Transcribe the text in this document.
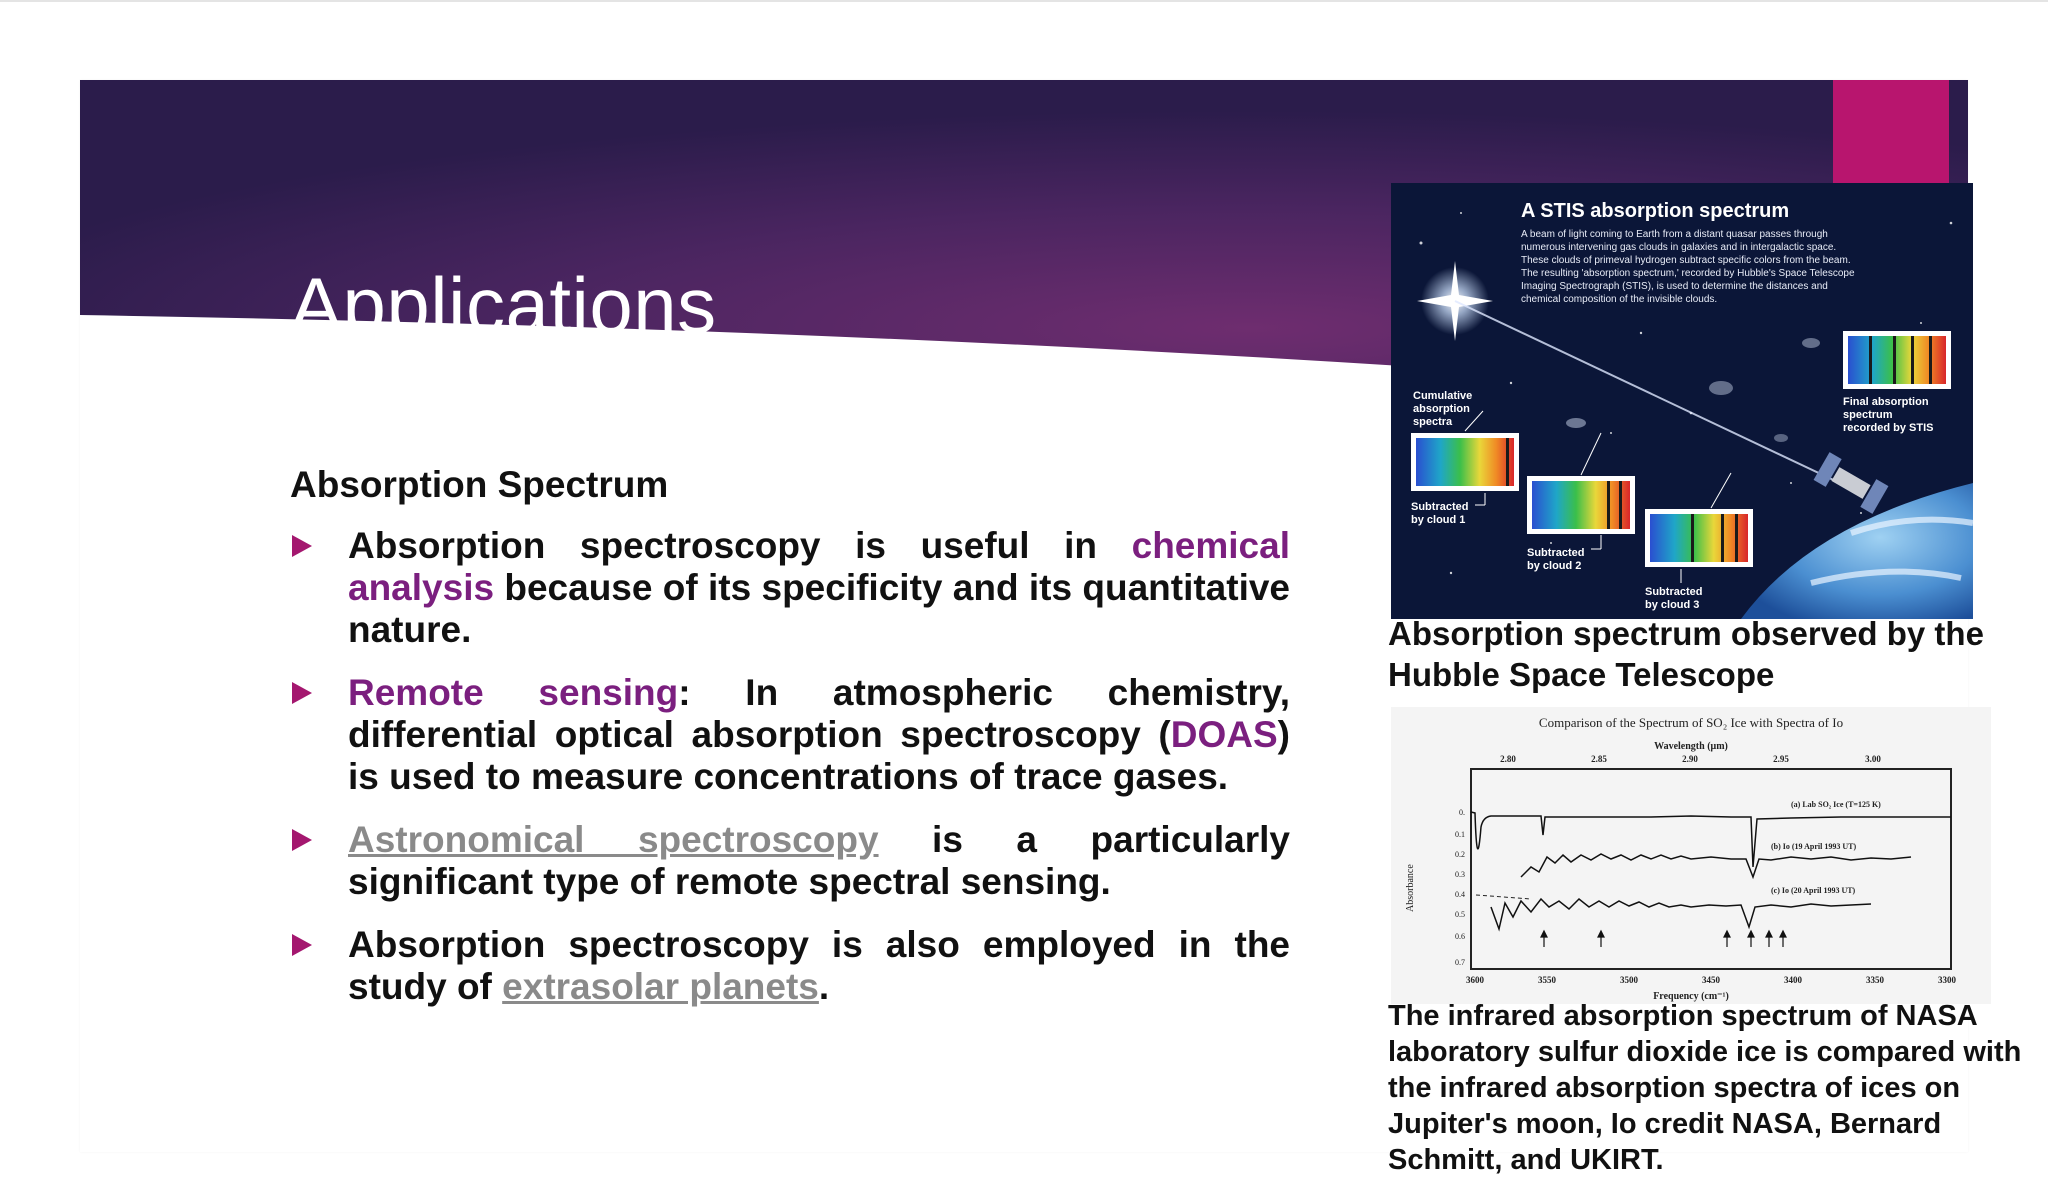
Applications
Absorption Spectrum
Absorption spectroscopy is useful in chemical analysis because of its specificity and its quantitative nature.
Remote sensing: In atmospheric chemistry, differential optical absorption spectroscopy (DOAS) is used to measure concentrations of trace gases.
Astronomical spectroscopy is a particularly significant type of remote spectral sensing.
Absorption spectroscopy is also employed in the study of extrasolar planets.
A STIS absorption spectrum
A beam of light coming to Earth from a distant quasar passes through
numerous intervening gas clouds in galaxies and in intergalactic space.
These clouds of primeval hydrogen subtract specific colors from the beam.
The resulting 'absorption spectrum,' recorded by Hubble's Space Telescope
Imaging Spectrograph (STIS), is used to determine the distances and
chemical composition of the invisible clouds.
Cumulative
absorption
spectra
Final absorption
spectrum
recorded by STIS
Subtracted
by cloud 1
Subtracted
by cloud 2
Subtracted
by cloud 3

Absorption spectrum observed by the Hubble Space Telescope

Comparison of the Spectrum of SO₂ Ice with Spectra of Io
Wavelength (μm)
2.80	2.85	2.90	2.95	3.00
0.
0.1
0.2
0.3
0.4
0.5
0.6
0.7
Absorbance
3600	3550	3500	3450	3400	3350	3300
Frequency (cm⁻¹)
(a) Lab SO₂ Ice (T=125 K)
(b) Io (19 April 1993 UT)
(c) Io (20 April 1993 UT)

The infrared absorption spectrum of NASA laboratory sulfur dioxide ice is compared with the infrared absorption spectra of ices on Jupiter's moon, Io credit NASA, Bernard Schmitt, and UKIRT.
